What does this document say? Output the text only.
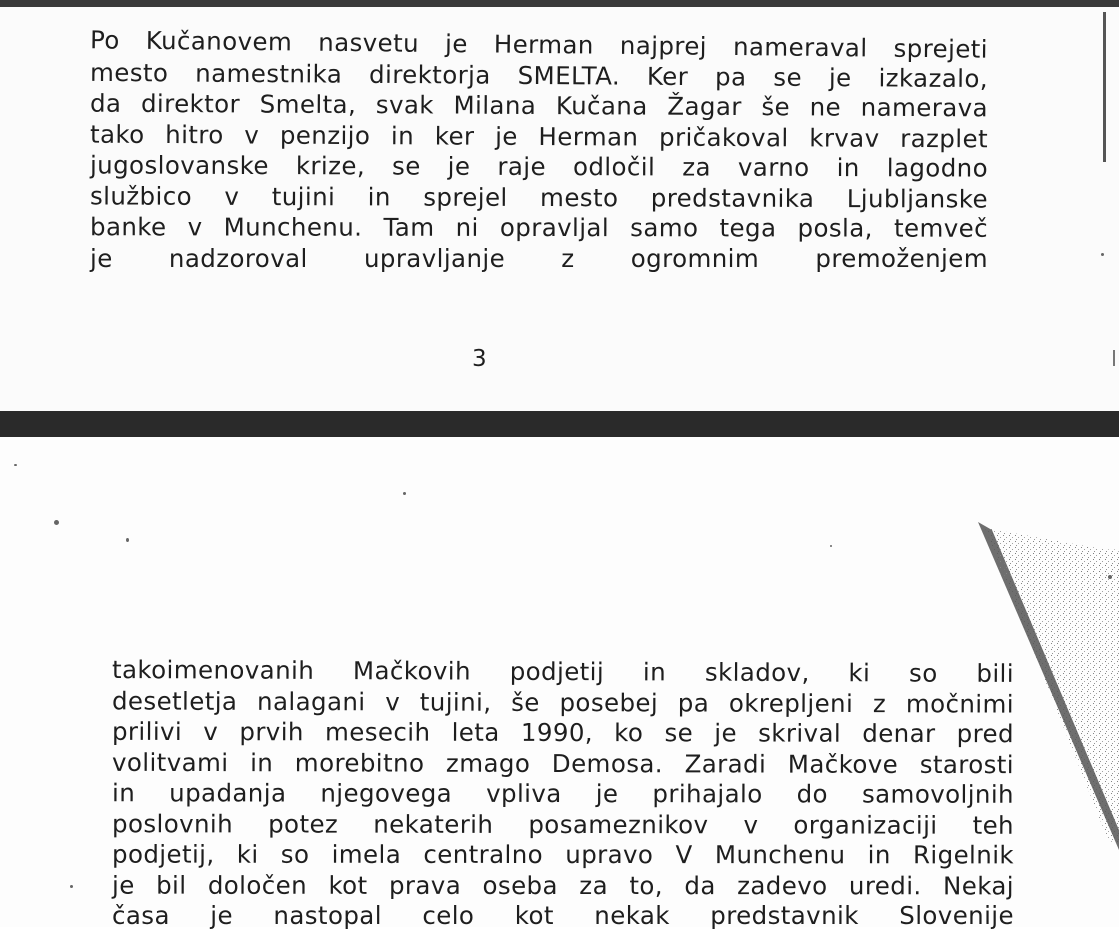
Po Kučanovem nasvetu je Herman najprej nameraval sprejeti
mesto namestnika direktorja SMELTA. Ker pa se je izkazalo,
da direktor Smelta, svak Milana Kučana Žagar še ne namerava
tako hitro v penzijo in ker je Herman pričakoval krvav razplet
jugoslovanske krize, se je raje odločil za varno in lagodno
službico v tujini in sprejel mesto predstavnika Ljubljanske
banke v Munchenu. Tam ni opravljal samo tega posla, temveč
je nadzoroval upravljanje z ogromnim premoženjem
3
takoimenovanih Mačkovih podjetij in skladov, ki so bili
desetletja nalagani v tujini, še posebej pa okrepljeni z močnimi
prilivi v prvih mesecih leta 1990, ko se je skrival denar pred
volitvami in morebitno zmago Demosa. Zaradi Mačkove starosti
in upadanja njegovega vpliva je prihajalo do samovoljnih
poslovnih potez nekaterih posameznikov v organizaciji teh
podjetij, ki so imela centralno upravo V Munchenu in Rigelnik
je bil določen kot prava oseba za to, da zadevo uredi. Nekaj
časa je nastopal celo kot nekak predstavnik Slovenije
